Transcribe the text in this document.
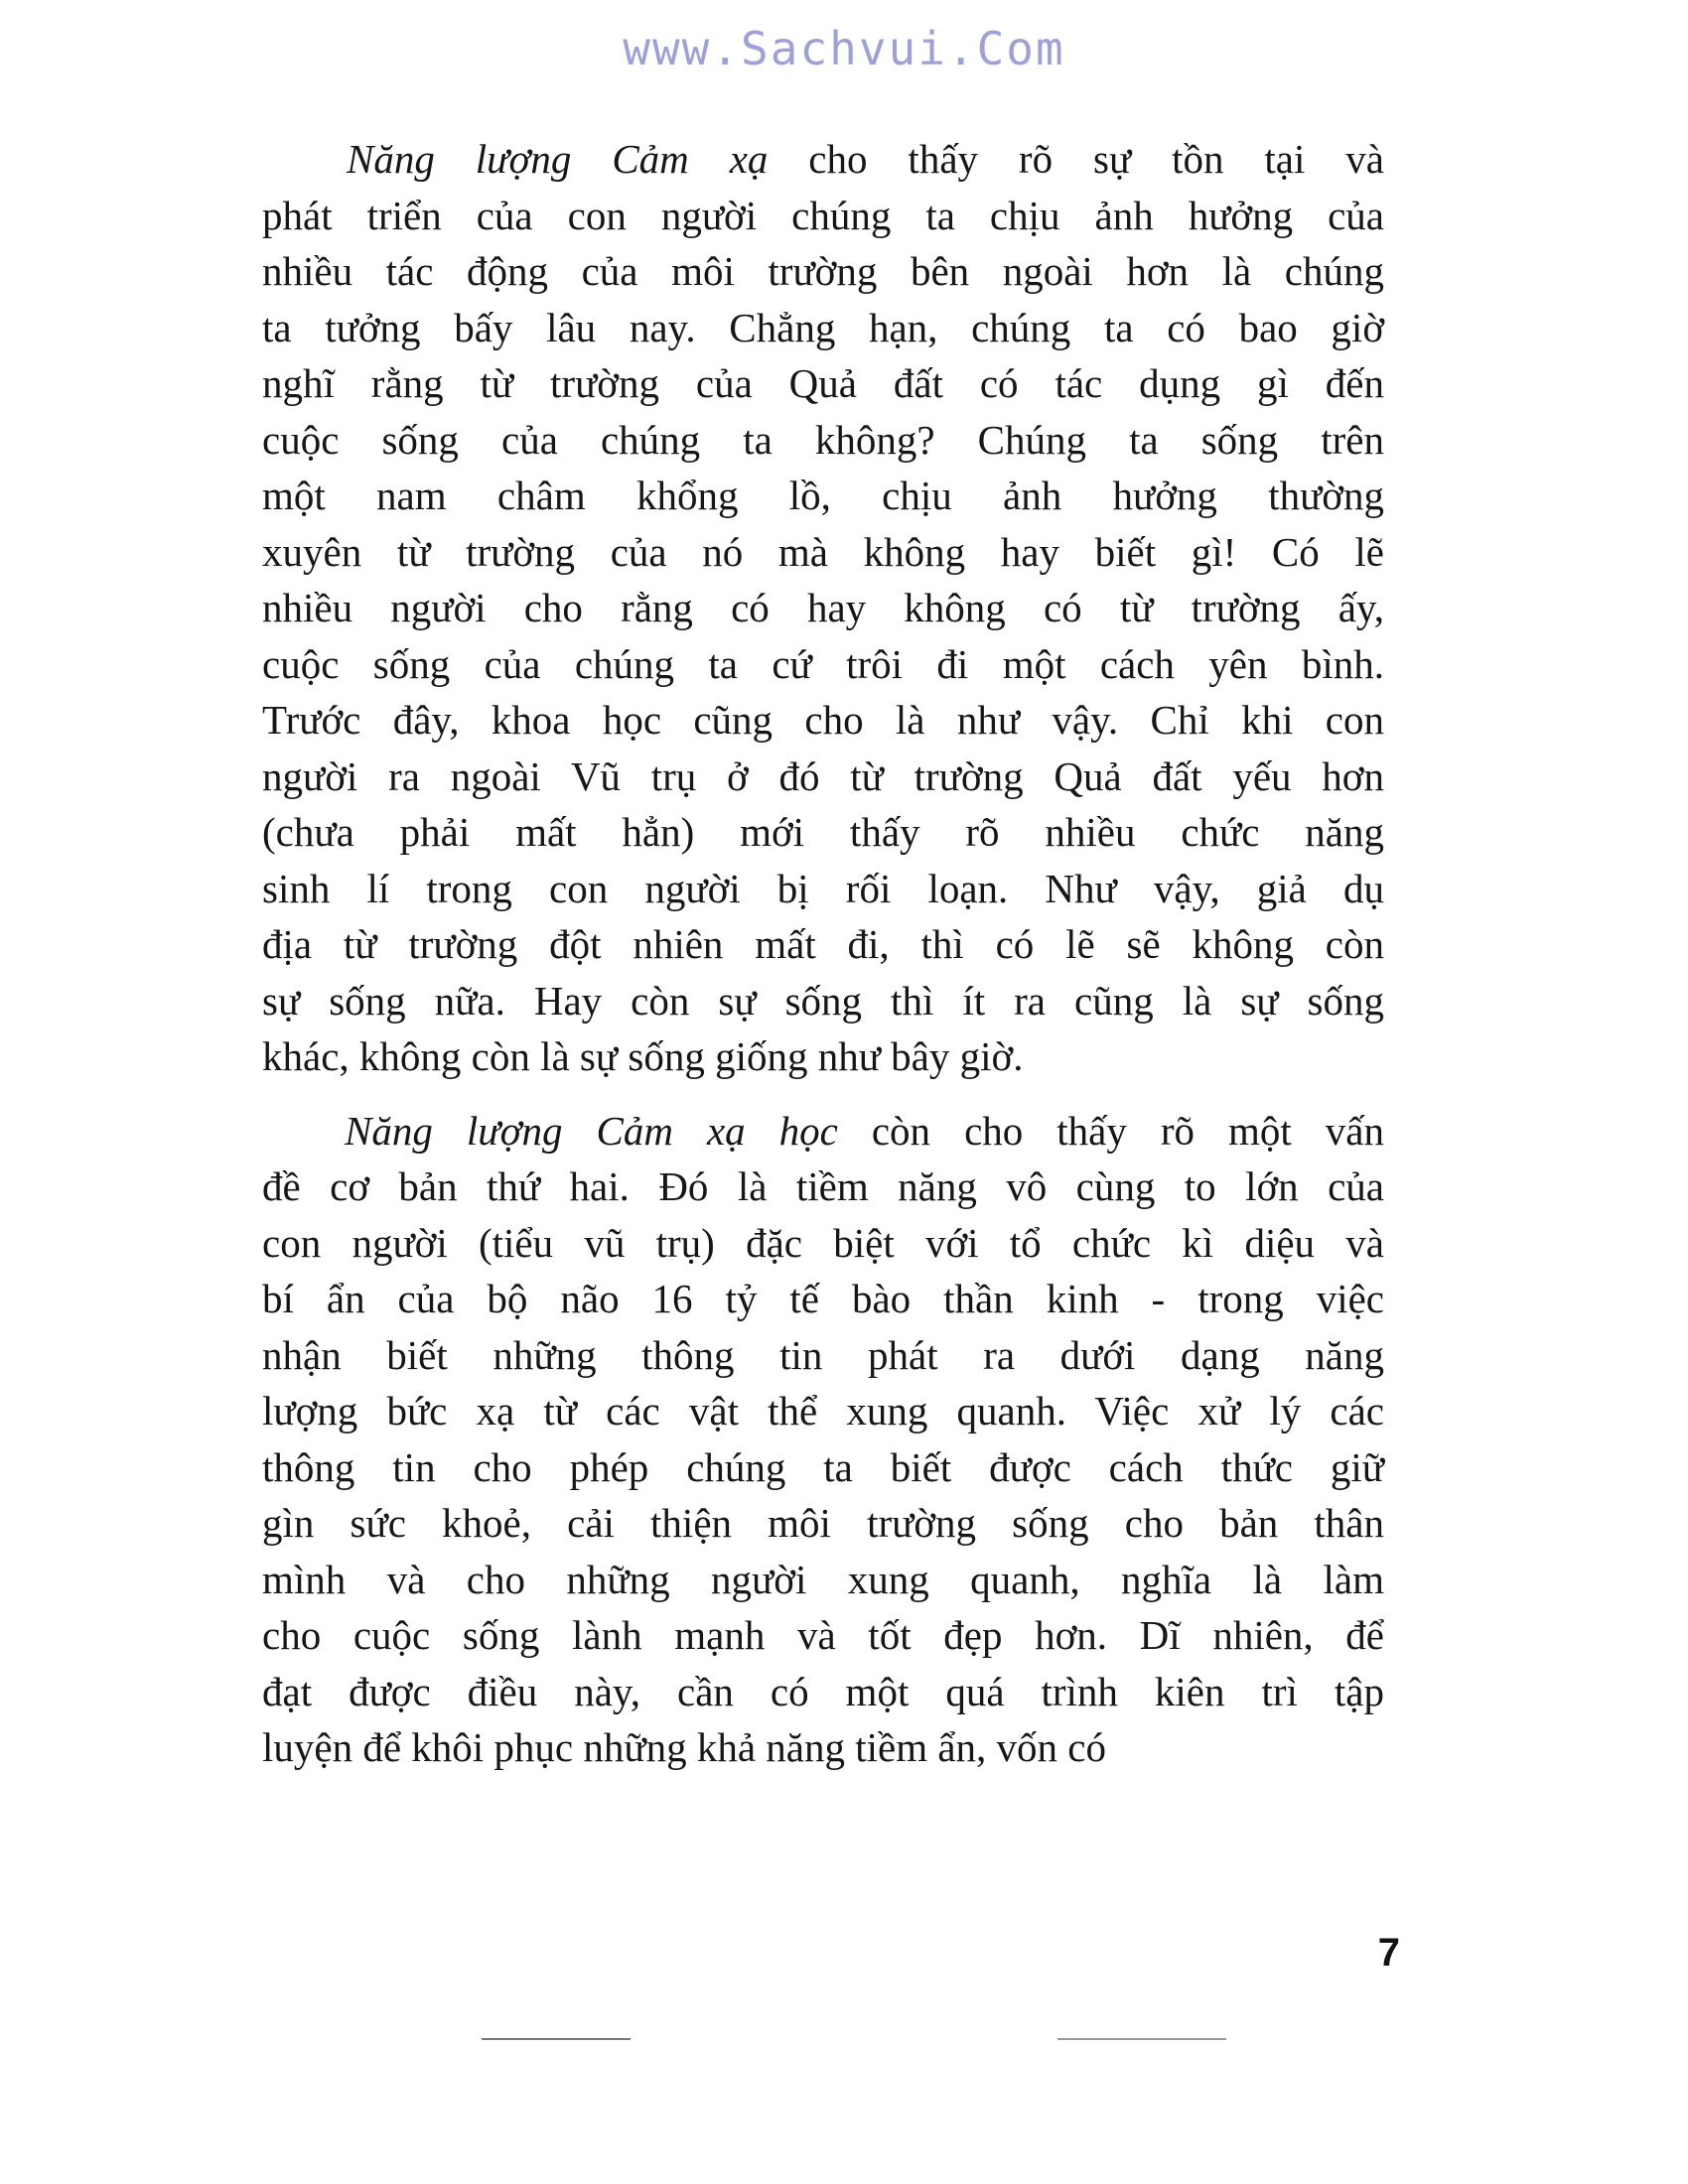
www.Sachvui.Com
Năng lượng Cảm xạ cho thấy rõ sự tồn tại và
phát triển của con người chúng ta chịu ảnh hưởng của
nhiều tác động của môi trường bên ngoài hơn là chúng
ta tưởng bấy lâu nay. Chẳng hạn, chúng ta có bao giờ
nghĩ rằng từ trường của Quả đất có tác dụng gì đến
cuộc sống của chúng ta không? Chúng ta sống trên
một nam châm khổng lồ, chịu ảnh hưởng thường
xuyên từ trường của nó mà không hay biết gì! Có lẽ
nhiều người cho rằng có hay không có từ trường ấy,
cuộc sống của chúng ta cứ trôi đi một cách yên bình.
Trước đây, khoa học cũng cho là như vậy. Chỉ khi con
người ra ngoài Vũ trụ ở đó từ trường Quả đất yếu hơn
(chưa phải mất hẳn) mới thấy rõ nhiều chức năng
sinh lí trong con người bị rối loạn. Như vậy, giả dụ
địa từ trường đột nhiên mất đi, thì có lẽ sẽ không còn
sự sống nữa. Hay còn sự sống thì ít ra cũng là sự sống
khác, không còn là sự sống giống như bây giờ.
Năng lượng Cảm xạ học còn cho thấy rõ một vấn
đề cơ bản thứ hai. Đó là tiềm năng vô cùng to lớn của
con người (tiểu vũ trụ) đặc biệt với tổ chức kì diệu và
bí ẩn của bộ não 16 tỷ tế bào thần kinh - trong việc
nhận biết những thông tin phát ra dưới dạng năng
lượng bức xạ từ các vật thể xung quanh. Việc xử lý các
thông tin cho phép chúng ta biết được cách thức giữ
gìn sức khoẻ, cải thiện môi trường sống cho bản thân
mình và cho những người xung quanh, nghĩa là làm
cho cuộc sống lành mạnh và tốt đẹp hơn. Dĩ nhiên, để
đạt được điều này, cần có một quá trình kiên trì tập
luyện để khôi phục những khả năng tiềm ẩn, vốn có
7
